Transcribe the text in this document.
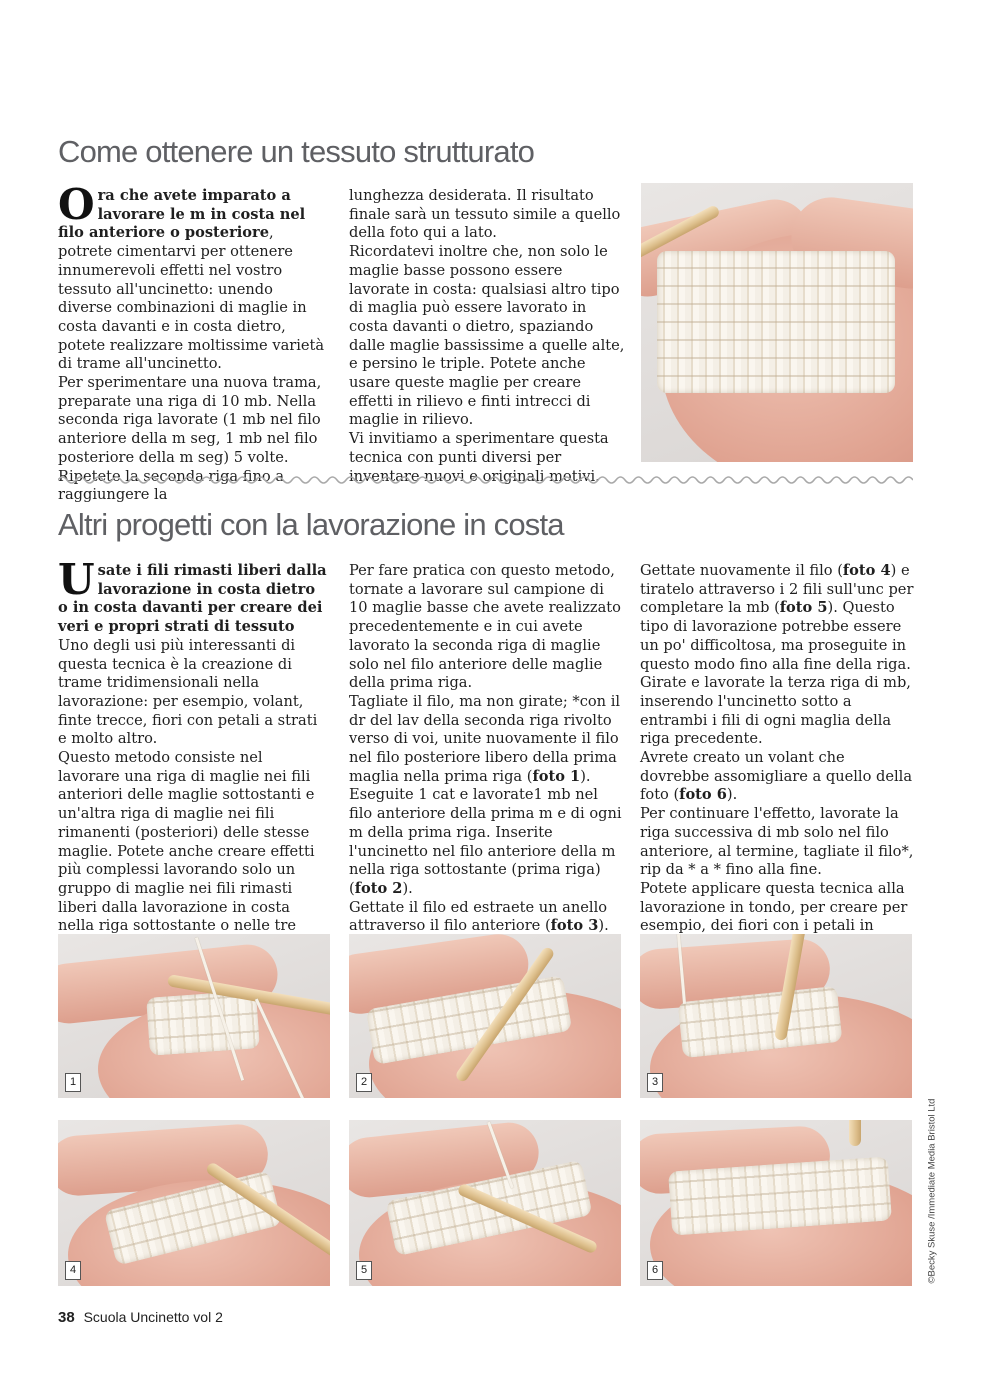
Come ottenere un tessuto strutturato

Ora che avete imparato a lavorare le m in costa nel filo anteriore o posteriore, potrete cimentarvi per ottenere innumerevoli effetti nel vostro tessuto all'uncinetto: unendo diverse combinazioni di maglie in costa davanti e in costa dietro, potete realizzare moltissime varietà di trame all'uncinetto.

Per sperimentare una nuova trama, preparate una riga di 10 mb. Nella seconda riga lavorate (1 mb nel filo anteriore della m seg, 1 mb nel filo posteriore della m seg) 5 volte. Ripetete la seconda riga fino a raggiungere la

lunghezza desiderata. Il risultato finale sarà un tessuto simile a quello della foto qui a lato.

Ricordatevi inoltre che, non solo le maglie basse possono essere lavorate in costa: qualsiasi altro tipo di maglia può essere lavorato in costa davanti o dietro, spaziando dalle maglie bassissime a quelle alte, e persino le triple. Potete anche usare queste maglie per creare effetti in rilievo e finti intrecci di maglie in rilievo.

Vi invitiamo a sperimentare questa tecnica con punti diversi per inventare nuovi e originali motivi.

Altri progetti con la lavorazione in costa

Usate i fili rimasti liberi dalla lavorazione in costa dietro o in costa davanti per creare dei veri e propri strati di tessuto

Uno degli usi più interessanti di questa tecnica è la creazione di trame tridimensionali nella lavorazione: per esempio, volant, finte trecce, fiori con petali a strati e molto altro.

Questo metodo consiste nel lavorare una riga di maglie nei fili anteriori delle maglie sottostanti e un'altra riga di maglie nei fili rimanenti (posteriori) delle stesse maglie. Potete anche creare effetti più complessi lavorando solo un gruppo di maglie nei fili rimasti liberi dalla lavorazione in costa nella riga sottostante o nelle tre

Per fare pratica con questo metodo, tornate a lavorare sul campione di 10 maglie basse che avete realizzato precedentemente e in cui avete lavorato la seconda riga di maglie solo nel filo anteriore delle maglie della prima riga.

Tagliate il filo, ma non girate; *con il dr del lav della seconda riga rivolto verso di voi, unite nuovamente il filo nel filo posteriore libero della prima maglia nella prima riga (foto 1).

Eseguite 1 cat e lavorate1 mb nel filo anteriore della prima m e di ogni m della prima riga. Inserite l'uncinetto nel filo anteriore della m nella riga sottostante (prima riga) (foto 2).

Gettate il filo ed estraete un anello attraverso il filo anteriore (foto 3).

Gettate nuovamente il filo (foto 4) e tiratelo attraverso i 2 fili sull'unc per completare la mb (foto 5). Questo tipo di lavorazione potrebbe essere un po' difficoltosa, ma proseguite in questo modo fino alla fine della riga. Girate e lavorate la terza riga di mb, inserendo l'uncinetto sotto a entrambi i fili di ogni maglia della riga precedente.

Avrete creato un volant che dovrebbe assomigliare a quello della foto (foto 6).

Per continuare l'effetto, lavorate la riga successiva di mb solo nel filo anteriore, al termine, tagliate il filo*, rip da * a * fino alla fine.

Potete applicare questa tecnica alla lavorazione in tondo, per creare per esempio, dei fiori con i petali in

1	2	3
4	5	6	©Becky Skuse /Immediate Media Bristol Ltd
38 Scuola Uncinetto vol 2
